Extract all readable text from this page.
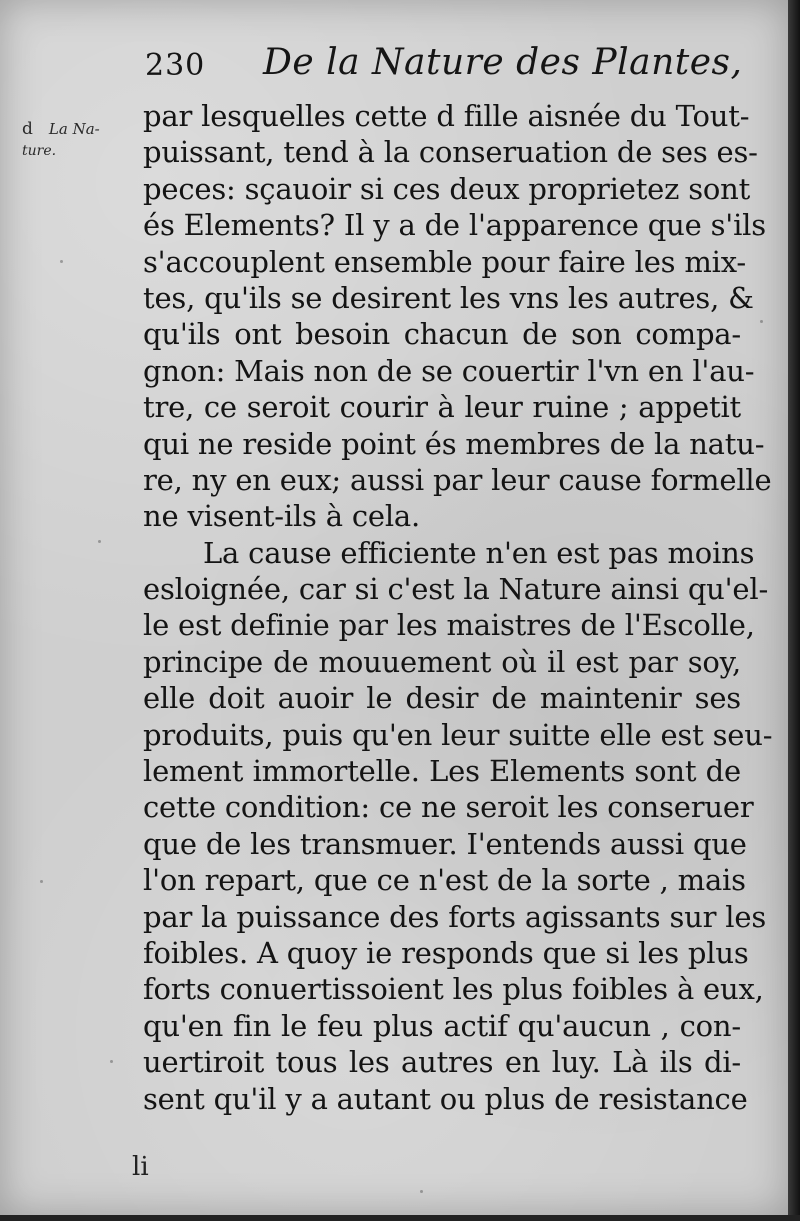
230 De la Nature des Plantes,
d La Na-
ture.
par lesquelles cette d fille aisnée du Tout-
puissant, tend à la conseruation de ses es-
peces: sçauoir si ces deux proprietez sont
és Elements? Il y a de l'apparence que s'ils
s'accouplent ensemble pour faire les mix-
tes, qu'ils se desirent les vns les autres, &
qu'ils ont besoin chacun de son compa-
gnon: Mais non de se couertir l'vn en l'au-
tre, ce seroit courir à leur ruine ; appetit
qui ne reside point és membres de la natu-
re, ny en eux; aussi par leur cause formelle
ne visent-ils à cela.
La cause efficiente n'en est pas moins
esloignée, car si c'est la Nature ainsi qu'el-
le est definie par les maistres de l'Escolle,
principe de mouuement où il est par soy,
elle doit auoir le desir de maintenir ses
produits, puis qu'en leur suitte elle est seu-
lement immortelle. Les Elements sont de
cette condition: ce ne seroit les conseruer
que de les transmuer. I'entends aussi que
l'on repart, que ce n'est de la sorte , mais
par la puissance des forts agissants sur les
foibles. A quoy ie responds que si les plus
forts conuertissoient les plus foibles à eux,
qu'en fin le feu plus actif qu'aucun , con-
uertiroit tous les autres en luy. Là ils di-
sent qu'il y a autant ou plus de resistance
li
